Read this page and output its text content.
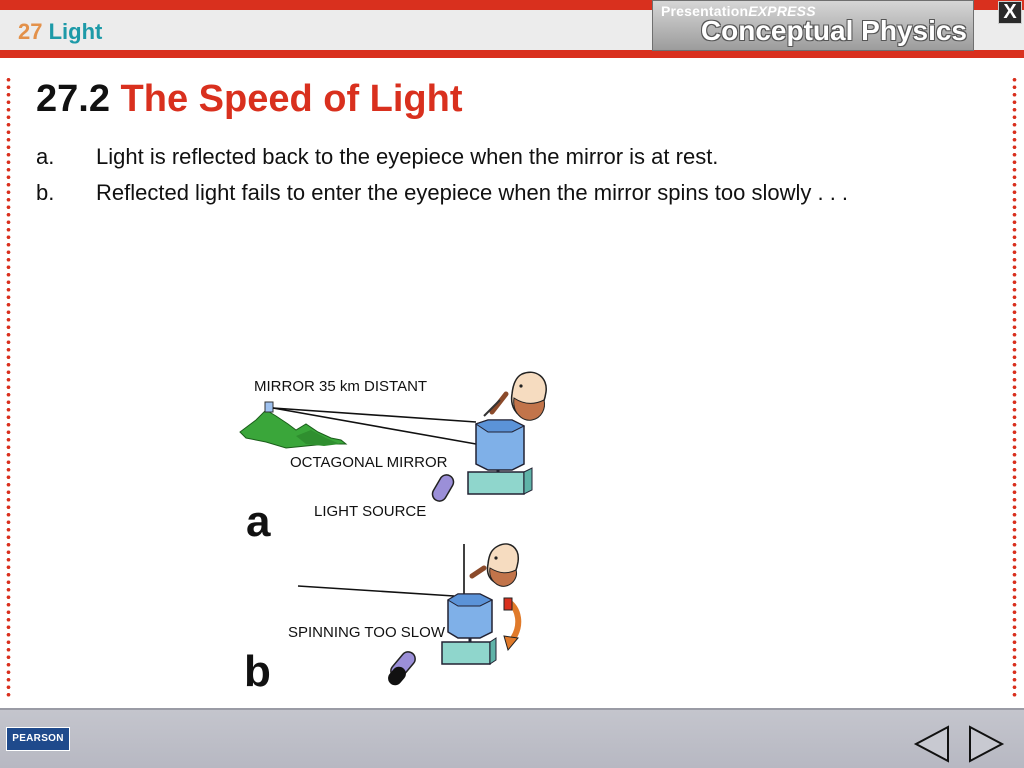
27 Light
PresentationEXPRESS
Conceptual Physics
X
27.2 The Speed of Light
a. Light is reflected back to the eyepiece when the mirror is at rest.
b. Reflected light fails to enter the eyepiece when the mirror spins too slowly . . .
MIRROR 35 km DISTANT
OCTAGONAL MIRROR
LIGHT SOURCE
a
SPINNING TOO SLOW
b
PEARSON
